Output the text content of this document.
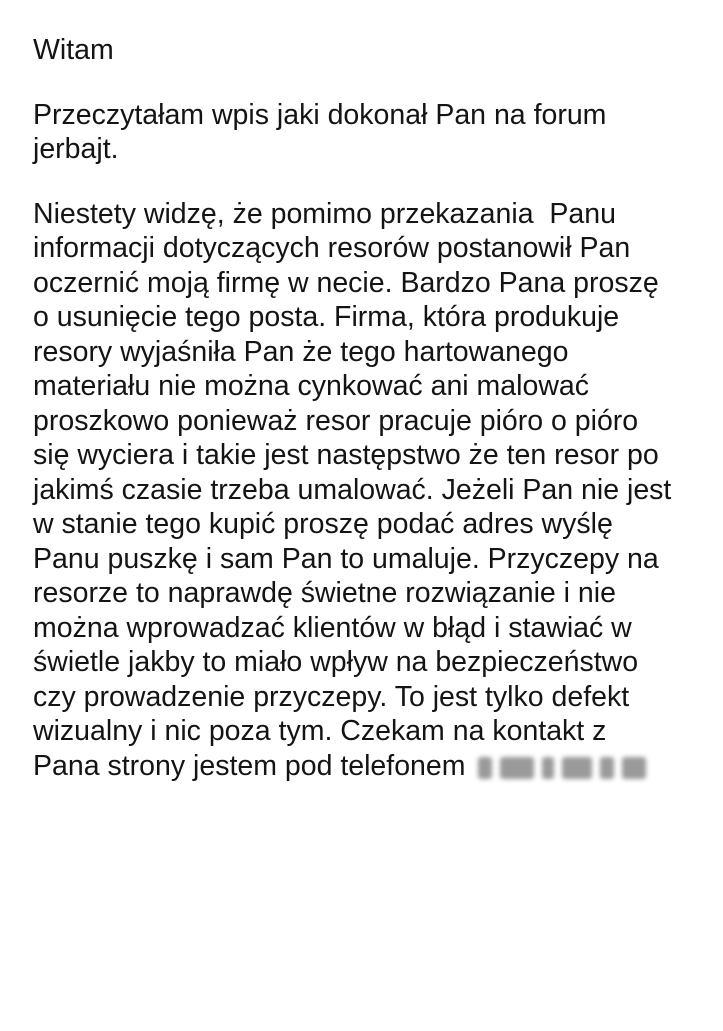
Witam
Przeczytałam wpis jaki dokonał Pan na forum
jerbajt.
Niestety widzę, że pomimo przekazania  Panu
informacji dotyczących resorów postanowił Pan
oczernić moją firmę w necie. Bardzo Pana proszę
o usunięcie tego posta. Firma, która produkuje
resory wyjaśniła Pan że tego hartowanego
materiału nie można cynkować ani malować
proszkowo ponieważ resor pracuje pióro o pióro
się wyciera i takie jest następstwo że ten resor po
jakimś czasie trzeba umalować. Jeżeli Pan nie jest
w stanie tego kupić proszę podać adres wyślę
Panu puszkę i sam Pan to umaluje. Przyczepy na
resorze to naprawdę świetne rozwiązanie i nie
można wprowadzać klientów w błąd i stawiać w
świetle jakby to miało wpływ na bezpieczeństwo
czy prowadzenie przyczepy. To jest tylko defekt
wizualny i nic poza tym. Czekam na kontakt z
Pana strony jestem pod telefonem
